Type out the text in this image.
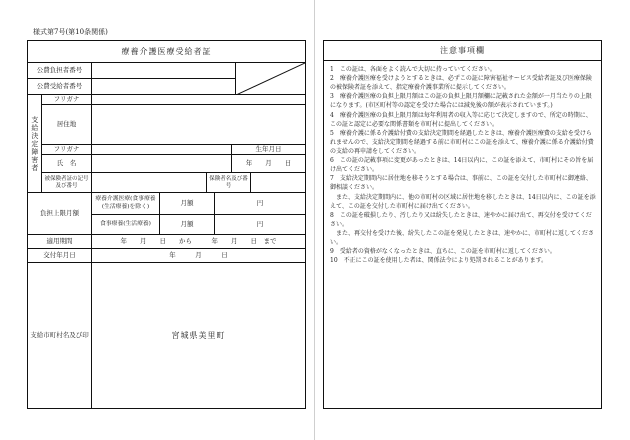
様式第7号(第10条関係)
療養介護医療受給者証
公費負担者番号
公費受給者番号
支給決定障害者
フリガナ
居住地
フリガナ	生年月日
氏　名	年　　月　　日
被保険者証の記号及び番号
保険者名及び番号
負担上限月額
療養介護医療(食事療養(生活療養)を除く)	月額	円
食事療養(生活療養)	月額	円
適用期間	年　　月　　日　　から　　　年　　月　　日　まで
交付年月日	年　　　月　　　日
支給市町村名及び印	宮城県美里町
注意事項欄
1　この証は、各面をよく読んで大切に持っていてください。
2　療養介護医療を受けようとするときは、必ずこの証に障害福祉サービス受給者証及び医療保険の被保険者証を添えて、指定療養介護事業所に提示してください。
3　療養介護医療の負担上限月額はこの証の負担上限月額欄に記載された金額が一月当たりの上限になります。(市区町村等の認定を受けた場合には減免後の額が表示されています。)
4　療養介護医療の負担上限月額は毎年利用者の収入等に応じて決定しますので、所定の時期に、この証と認定に必要な関係書類を市町村に提出してください。
5　療養介護に係る介護給付費の支給決定期間を経過したときは、療養介護医療費の支給を受けられませんので、支給決定期間を経過する前に市町村にこの証を添えて、療養介護に係る介護給付費の支給の再申請をしてください。
6　この証の記載事項に変更があったときは、14日以内に、この証を添えて、市町村にその旨を届け出てください。
7　支給決定期間内に居住地を移そうとする場合は、事前に、この証を交付した市町村に御連絡、御相談ください。
　また、支給決定期間内に、他の市町村の区域に居住地を移したときは、14日以内に、この証を添えて、この証を交付した市町村に届け出てください。
8　この証を破損したり、汚したり又は紛失したときは、速やかに届け出て、再交付を受けてください。
　また、再交付を受けた後、紛失したこの証を発見したときは、速やかに、市町村に返してください。
9　受給者の資格がなくなったときは、直ちに、この証を市町村に返してください。
10　不正にこの証を使用した者は、関係法令により処罰されることがあります。
